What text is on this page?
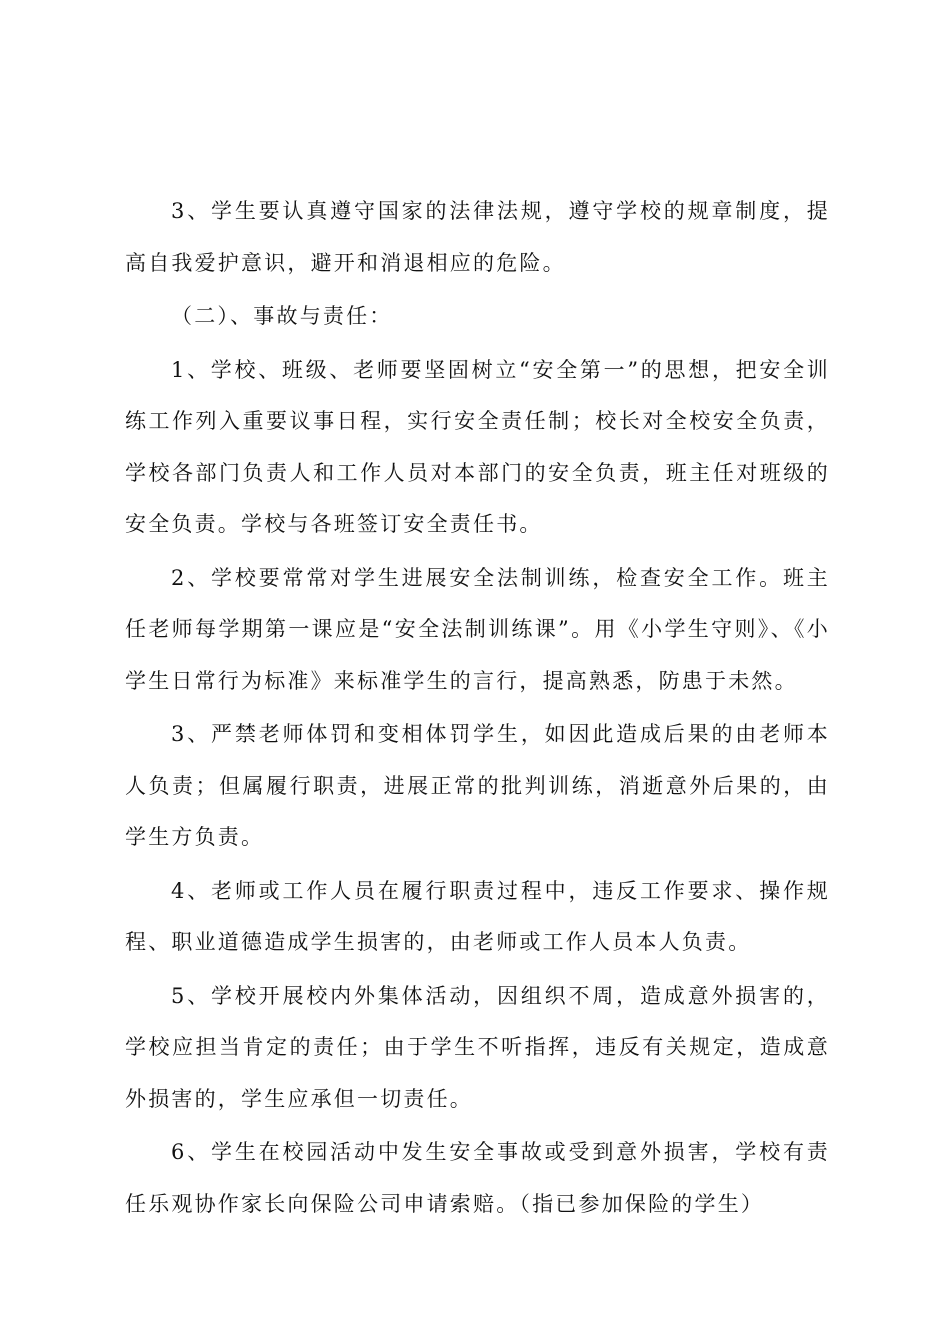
3、学生要认真遵守国家的法律法规，遵守学校的规章制度，提高自我爱护意识，避开和消退相应的危险。

（二）、事故与责任：

1、学校、班级、老师要坚固树立“安全第一”的思想，把安全训练工作列入重要议事日程，实行安全责任制；校长对全校安全负责，学校各部门负责人和工作人员对本部门的安全负责，班主任对班级的安全负责。学校与各班签订安全责任书。

2、学校要常常对学生进展安全法制训练，检查安全工作。班主任老师每学期第一课应是“安全法制训练课”。用《小学生守则》、《小学生日常行为标准》来标准学生的言行，提高熟悉，防患于未然。

3、严禁老师体罚和变相体罚学生，如因此造成后果的由老师本人负责；但属履行职责，进展正常的批判训练，消逝意外后果的，由学生方负责。

4、老师或工作人员在履行职责过程中，违反工作要求、操作规程、职业道德造成学生损害的，由老师或工作人员本人负责。

5、学校开展校内外集体活动，因组织不周，造成意外损害的，学校应担当肯定的责任；由于学生不听指挥，违反有关规定，造成意外损害的，学生应承但一切责任。

6、学生在校园活动中发生安全事故或受到意外损害，学校有责任乐观协作家长向保险公司申请索赔。（指已参加保险的学生）
